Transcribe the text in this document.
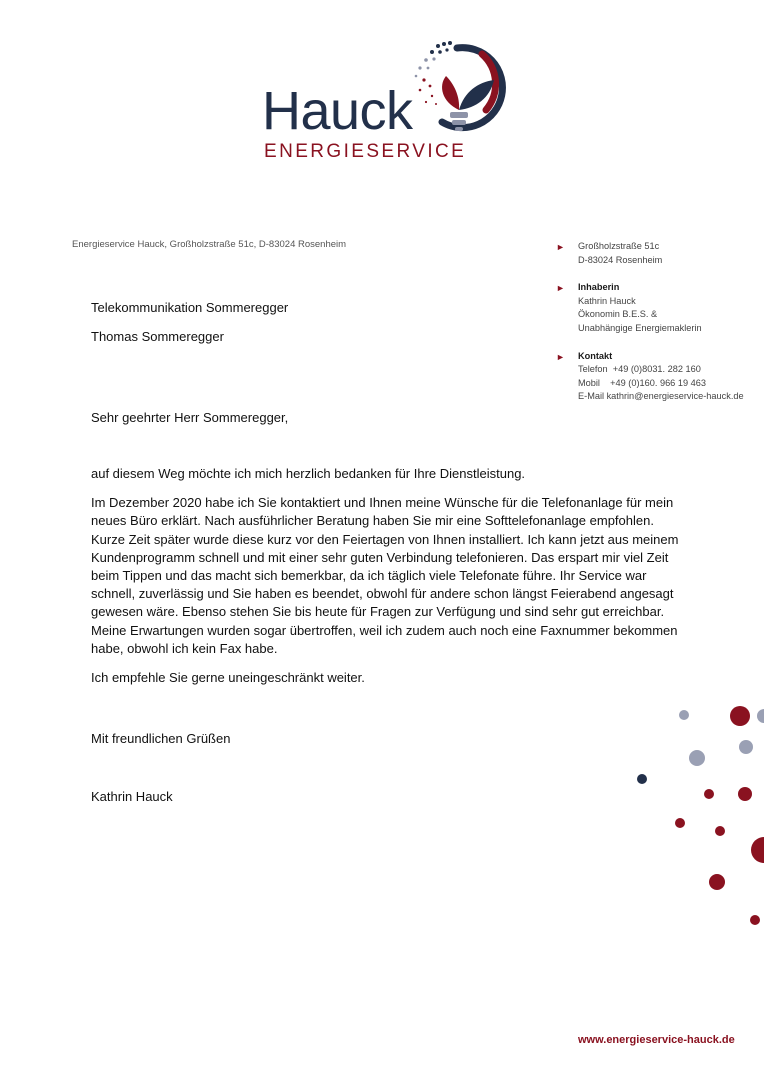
Hauck
ENERGIESERVICE
Energieservice Hauck, Großholzstraße 51c, D-83024 Rosenheim	► Großholzstraße 51c
D-83024 Rosenheim
► Inhaberin
Kathrin Hauck
Ökonomin B.E.S. &
Unabhängige Energiemaklerin
► Kontakt
Telefon  +49 (0)8031. 282 160
Mobil    +49 (0)160. 966 19 463
E-Mail kathrin@energieservice-hauck.de
Telekommunikation Sommeregger
Thomas Sommeregger
Sehr geehrter Herr Sommeregger,

auf diesem Weg möchte ich mich herzlich bedanken für Ihre Dienstleistung.

Im Dezember 2020 habe ich Sie kontaktiert und Ihnen meine Wünsche für die Telefonanlage für mein neues Büro erklärt. Nach ausführlicher Beratung haben Sie mir eine Softtelefonanlage empfohlen. Kurze Zeit später wurde diese kurz vor den Feiertagen von Ihnen installiert. Ich kann jetzt aus meinem Kundenprogramm schnell und mit einer sehr guten Verbindung telefonieren. Das erspart mir viel Zeit beim Tippen und das macht sich bemerkbar, da ich täglich viele Telefonate führe. Ihr Service war schnell, zuverlässig und Sie haben es beendet, obwohl für andere schon längst Feierabend angesagt gewesen wäre. Ebenso stehen Sie bis heute für Fragen zur Verfügung und sind sehr gut erreichbar. Meine Erwartungen wurden sogar übertroffen, weil ich zudem auch noch eine Faxnummer bekommen habe, obwohl ich kein Fax habe.

Ich empfehle Sie gerne uneingeschränkt weiter.

Mit freundlichen Grüßen
Kathrin Hauck
www.energieservice-hauck.de
